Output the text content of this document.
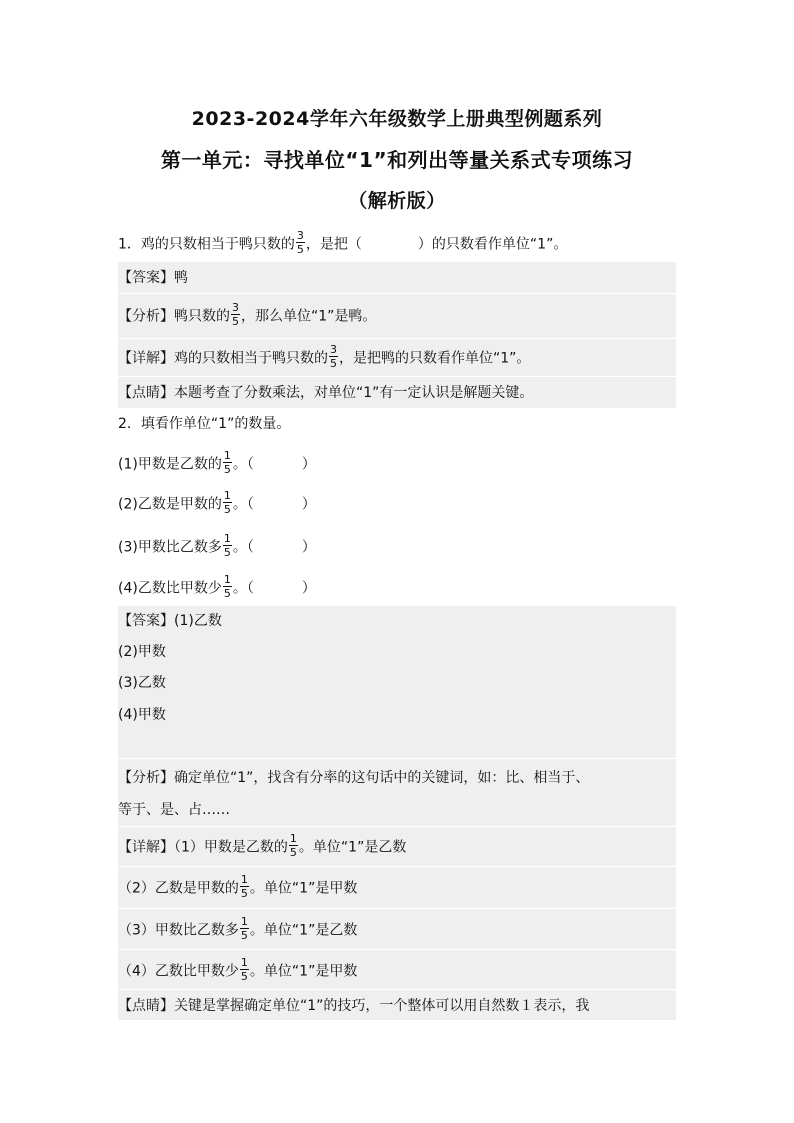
2023-2024学年六年级数学上册典型例题系列
第一单元：寻找单位“1”和列出等量关系式专项练习
（解析版）
1．鸡的只数相当于鸭只数的 $\frac{3}{5}$ ，是把（	）的只数看作单位“1”。
【答案】鸭
【分析】鸭只数的 $\frac{3}{5}$ ，那么单位“1”是鸭。
【详解】鸡的只数相当于鸭只数的 $\frac{3}{5}$ ，是把鸭的只数看作单位“1”。
【点睛】本题考查了分数乘法，对单位“1”有一定认识是解题关键。
2．填看作单位“1”的数量。
(1)甲数是乙数的 $\frac{1}{5}$ 。（	）
(2)乙数是甲数的 $\frac{1}{5}$ 。（	）
(3)甲数比乙数多 $\frac{1}{5}$ 。（	）
(4)乙数比甲数少 $\frac{1}{5}$ 。（	）
【答案】(1)乙数
(2)甲数
(3)乙数
(4)甲数
【分析】确定单位“1”，找含有分率的这句话中的关键词，如：比、相当于、
等于、是、占……
【详解】（1）甲数是乙数的 $\frac{1}{5}$ 。单位“1”是乙数
（2）乙数是甲数的 $\frac{1}{5}$ 。单位“1”是甲数
（3）甲数比乙数多 $\frac{1}{5}$ 。单位“1”是乙数
（4）乙数比甲数少 $\frac{1}{5}$ 。单位“1”是甲数
【点睛】关键是掌握确定单位“1”的技巧，一个整体可以用自然数１表示，我
